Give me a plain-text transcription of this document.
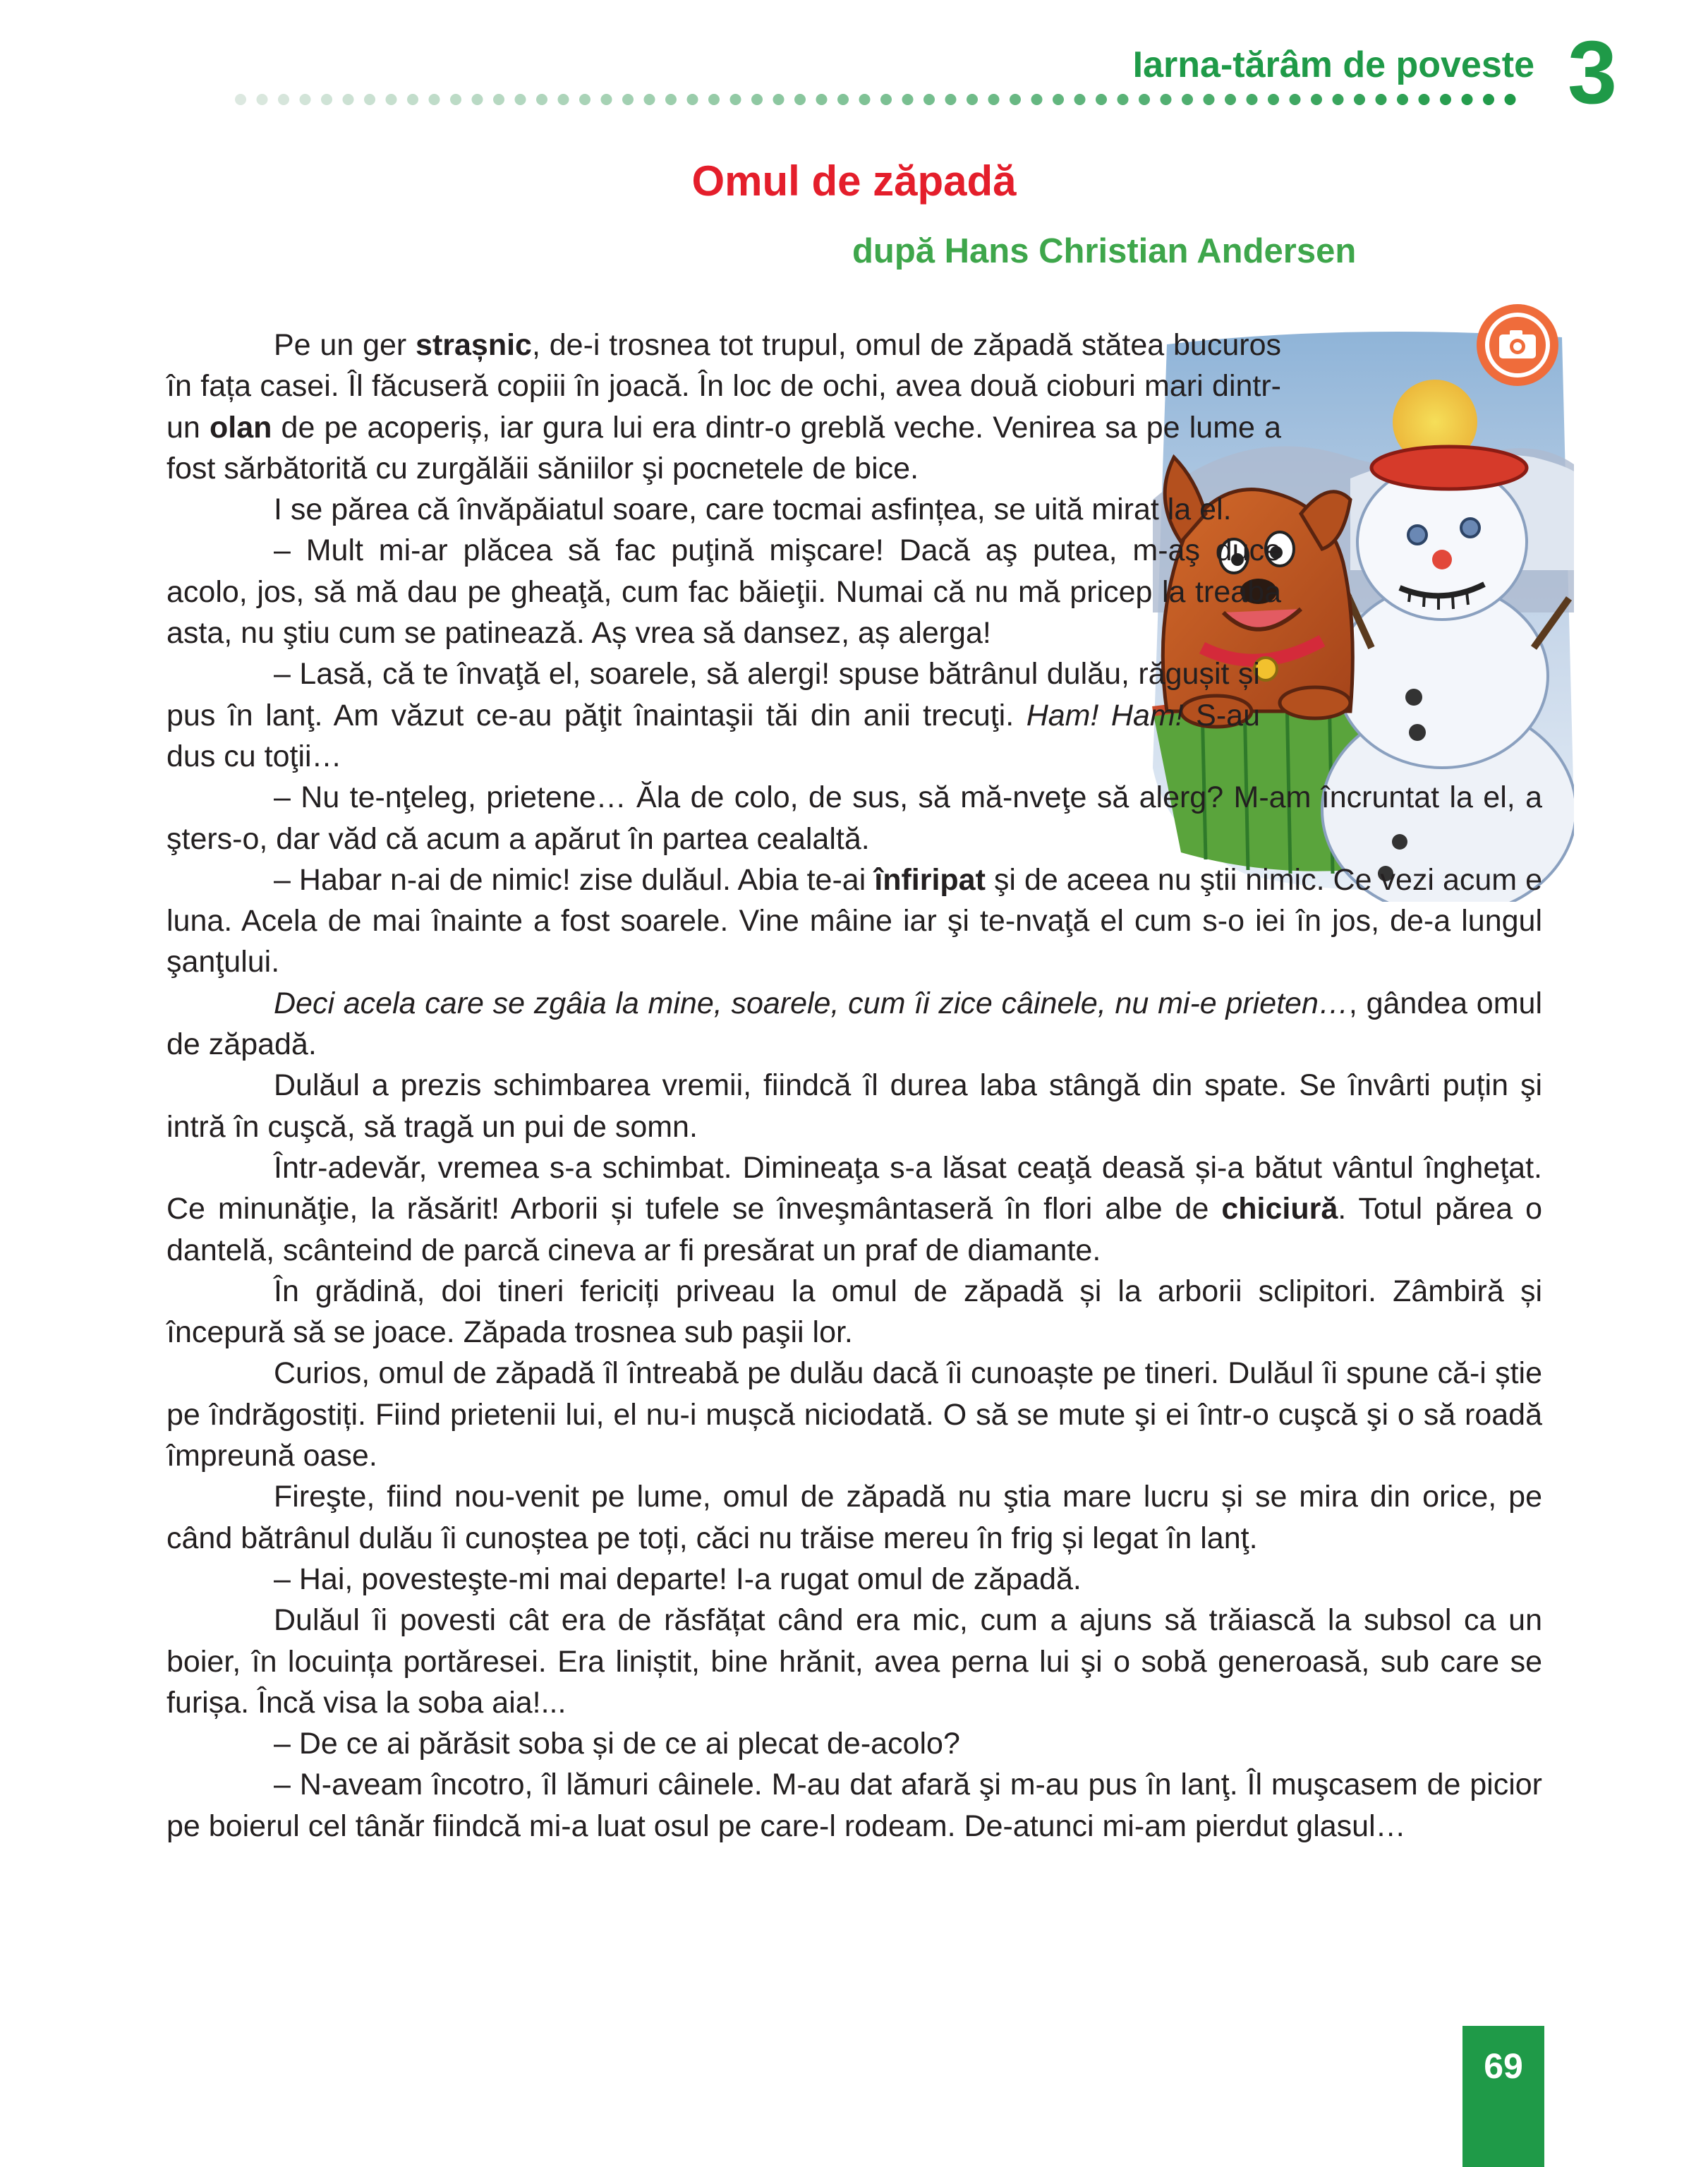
Iarna-tărâm de poveste 3
Omul de zăpadă
după Hans Christian Andersen

Pe un ger strașnic, de-i trosnea tot trupul, omul de zăpadă stătea bucuros în fața casei. Îl făcuseră copiii în joacă. În loc de ochi, avea două cioburi mari dintr-un olan de pe acoperiș, iar gura lui era dintr-o greblă veche. Venirea sa pe lume a fost sărbătorită cu zurgălăii săniilor şi pocnetele de bice.

I se părea că învăpăiatul soare, care tocmai asfințea, se uită mirat la el.

– Mult mi-ar plăcea să fac puţină mişcare! Dacă aş putea, m-aş duce acolo, jos, să mă dau pe gheaţă, cum fac băieţii. Numai că nu mă pricep la treaba asta, nu ştiu cum se patinează. Aș vrea să dansez, aș alerga!

– Lasă, că te învaţă el, soarele, să alergi! spuse bătrânul dulău, răgușit și pus în lanţ. Am văzut ce-au păţit înaintaşii tăi din anii trecuţi. Ham! Ham! S-au dus cu toţii…

– Nu te-nţeleg, prietene… Ăla de colo, de sus, să mă-nveţe să alerg? M-am încruntat la el, a şters-o, dar văd că acum a apărut în partea cealaltă.

– Habar n-ai de nimic! zise dulăul. Abia te-ai înfiripat şi de aceea nu ştii nimic. Ce vezi acum e luna. Acela de mai înainte a fost soarele. Vine mâine iar şi te-nvaţă el cum s-o iei în jos, de-a lungul şanţului.

Deci acela care se zgâia la mine, soarele, cum îi zice câinele, nu mi-e prieten…, gândea omul de zăpadă.

Dulăul a prezis schimbarea vremii, fiindcă îl durea laba stângă din spate. Se învârti puțin şi intră în cuşcă, să tragă un pui de somn.

Într-adevăr, vremea s-a schimbat. Dimineaţa s-a lăsat ceaţă deasă și-a bătut vântul îngheţat. Ce minunăţie, la răsărit! Arborii și tufele se înveşmântaseră în flori albe de chiciură. Totul părea o dantelă, scânteind de parcă cineva ar fi presărat un praf de diamante.

În grădină, doi tineri fericiți priveau la omul de zăpadă și la arborii sclipitori. Zâmbiră și începură să se joace. Zăpada trosnea sub paşii lor.

Curios, omul de zăpadă îl întreabă pe dulău dacă îi cunoaște pe tineri. Dulăul îi spune că-i știe pe îndrăgostiți. Fiind prietenii lui, el nu-i mușcă niciodată. O să se mute şi ei într-o cuşcă şi o să roadă împreună oase.

Fireşte, fiind nou-venit pe lume, omul de zăpadă nu ştia mare lucru și se mira din orice, pe când bătrânul dulău îi cunoștea pe toți, căci nu trăise mereu în frig și legat în lanţ.

– Hai, povesteşte-mi mai departe! I-a rugat omul de zăpadă.

Dulăul îi povesti cât era de răsfățat când era mic, cum a ajuns să trăiască la subsol ca un boier, în locuința portăresei. Era liniștit, bine hrănit, avea perna lui şi o sobă generoasă, sub care se furișa. Încă visa la soba aia!...

– De ce ai părăsit soba și de ce ai plecat de-acolo?

– N-aveam încotro, îl lămuri câinele. M-au dat afară şi m-au pus în lanţ. Îl muşcasem de picior pe boierul cel tânăr fiindcă mi-a luat osul pe care-l rodeam. De-atunci mi-am pierdut glasul…

69
